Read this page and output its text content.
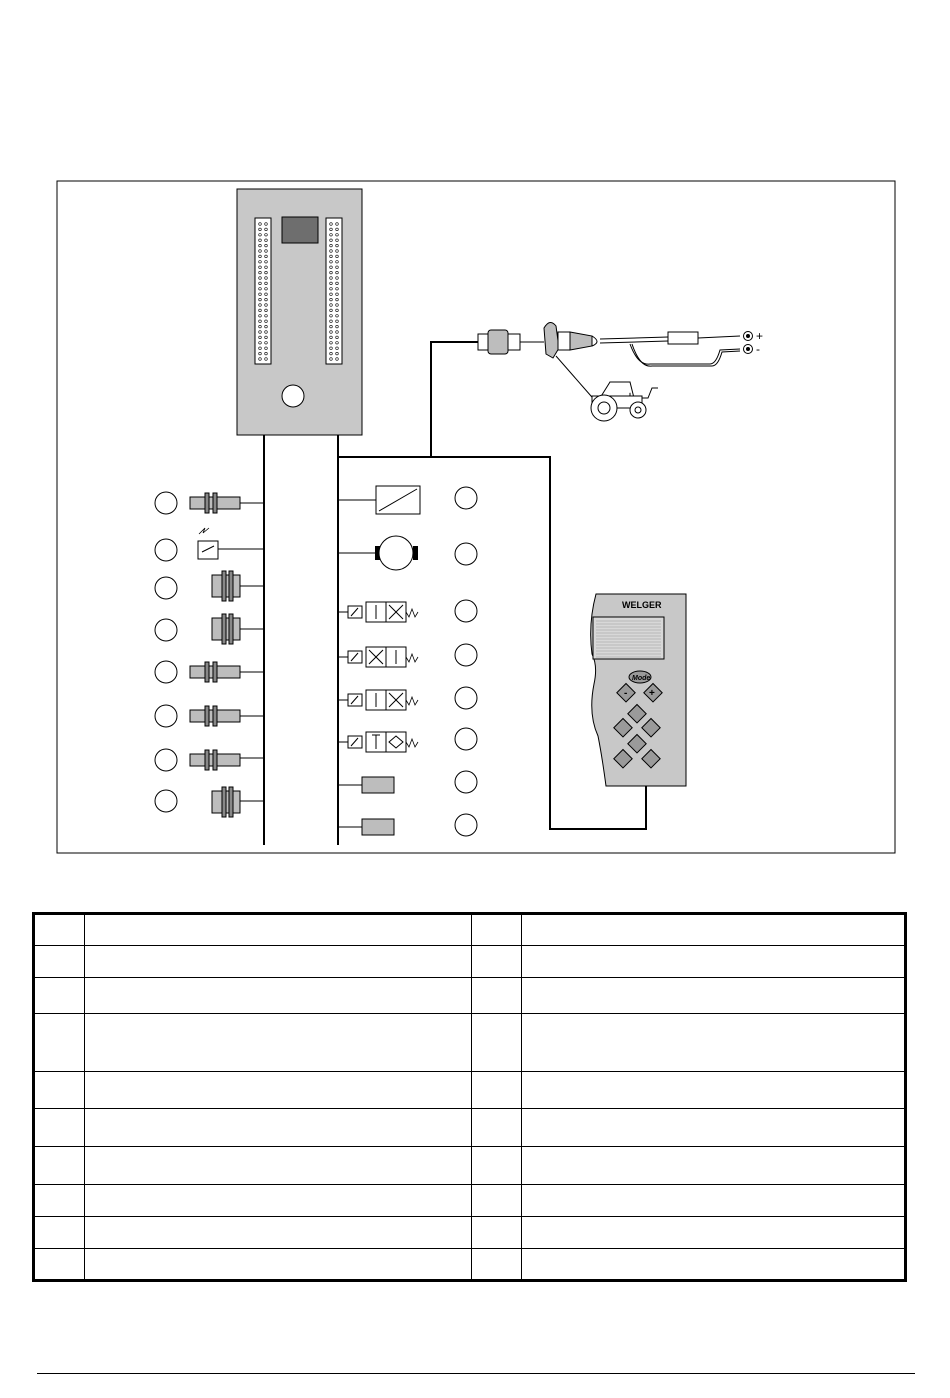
+
-
WELGER
Mode
- +
